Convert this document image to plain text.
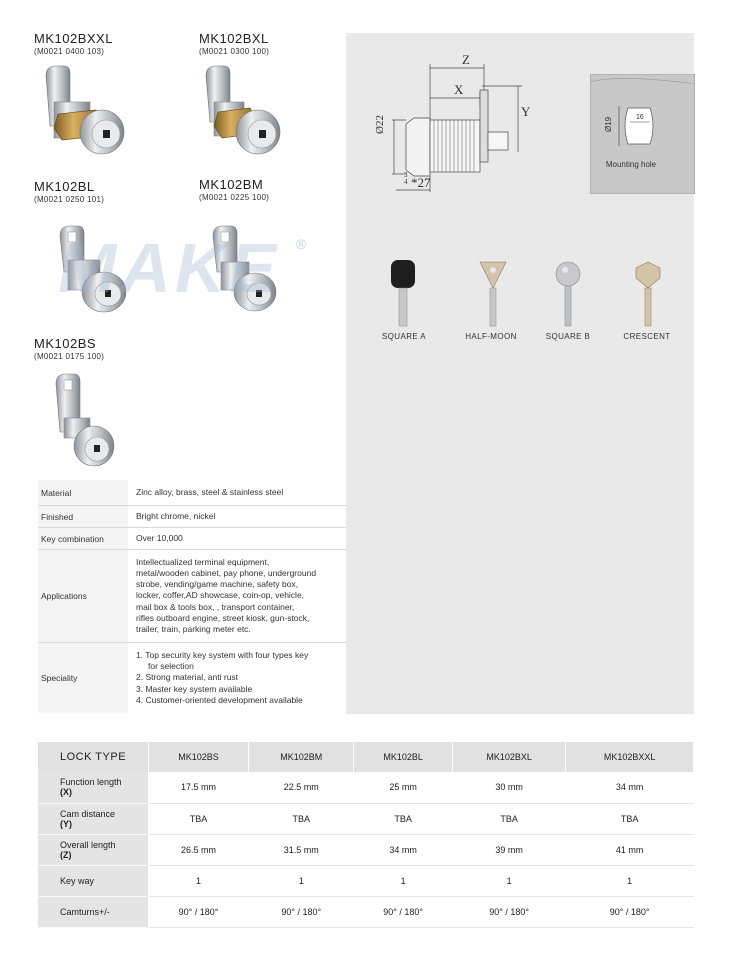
MK102BXXL
(M0021 0400 103)
MK102BXL
(M0021 0300 100)
MK102BL
(M0021 0250 101)
MK102BM
(M0021 0225 100)
MK102BS
(M0021 0175 100)
MAKE ®
Z
X
Y
Ø22
3
4 *27
Ø19	16
Mounting hole
SQUARE A	HALF-MOON	SQUARE B	CRESCENT
Material	Zinc alloy, brass, steel & stainless steel
Finished	Bright chrome, nickel
Key combination	Over 10,000
Applications
Intellectualized terminal equipment,
metal/wooden cabinet, pay phone, underground
strobe, vending/game machine, safety box,
locker, coffer,AD showcase, coin-op, vehicle,
mail box & tools box, , transport container,
rifles outboard engine, street kiosk, gun-stock,
trailer, train, parking meter etc.
Speciality
1. Top security key system with four types key
for selection
2. Strong material, anti rust
3. Master key system available
4. Customer-oriented development available
LOCK TYPE	MK102BS	MK102BM	MK102BL	MK102BXL	MK102BXXL
Function length
(X)	17.5 mm	22.5 mm	25 mm	30 mm	34 mm
Cam distance
(Y)	TBA	TBA	TBA	TBA	TBA
Overall length
(Z)	26.5 mm	31.5 mm	34 mm	39 mm	41 mm
Key way	1	1	1	1	1
Camturns+/-	90° / 180°	90° / 180°	90° / 180°	90° / 180°	90° / 180°
